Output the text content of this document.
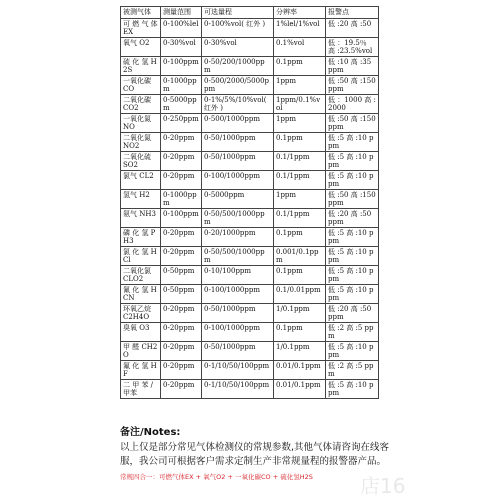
被测气体	测量范围	可选量程	分辨率	报警点
可 燃 气 体 EX	0-100%lel	0-100%vol( 红外 )	1%lel/1%vol	低 :20 高 :50
氧气 O2	0-30%vol	0-30%vol	0.1%vol	低 ：19.5％ 高 :23.5%vol
硫 化 氢 H2S	0-100ppm	0-50/200/1000ppm	0.1ppm	低 :10 高 :35 ppm
一氧化碳 CO	0-1000ppm	0-500/2000/5000ppm	1ppm	低 :50 高 :150 ppm
二氧化碳 CO2	0-5000ppm	0-1%/5%/10%vol( 红外 )	1ppm/0.1%vol	低 ：1000 高 :2000
一氧化氮 NO	0-250ppm	0-500/1000ppm	1ppm	低 :50 高 :150 ppm
二氧化氮 NO2	0-20ppm	0-50/1000ppm	0.1ppm	低 :5 高 :10 ppm
二氧化硫 SO2	0-20ppm	0-50/1000ppm	0.1/1ppm	低 :5 高 :10 ppm
氯气 CL2	0-20ppm	0-100/1000ppm	0.1/1ppm	低 :5 高 :10 ppm
氢气 H2	0-1000ppm	0-5000ppm	1ppm	低 :50 高 :150 ppm
氨气 NH3	0-100ppm	0-50/500/1000ppm	0.1/1ppm	低 :20 高 :50 ppm
磷 化 氢 PH3	0-20ppm	0-20/1000ppm	0.1ppm	低 :5 高 :10 ppm
氯 化 氢 HCl	0-20ppm	0-50/500/1000ppm	0.001/0.1ppm	低 :5 高 :10 ppm
二氧化氯 CLO2	0-50ppm	0-10/100ppm	0.1ppm	低 :5 高 :10 ppm
氰 化 氢 HCN	0-50ppm	0-100/1000ppm	0.1/0.01ppm	低 :5 高 :10 ppm
环氧乙烷 C2H4O	0-20ppm	0-50/1000ppm	1/0.1ppm	低 :20 高 :50 ppm
臭氧 O3	0-20ppm	0-100/1000ppm	0.1ppm	低 :2 高 :5 ppm
甲 醛 CH2O	0-20ppm	0-50/1000ppm	1/0.1ppm	低 :5 高 :10 ppm
氟 化 氢 HF	0-20ppm	0-1/10/50/100ppm	0.01/0.1ppm	低 :2 高 :5 ppm
二 甲 苯 / 甲苯	0-20ppm	0-1/10/50/100ppm	0.01/0.1ppm	低 :5 高 :10 ppm

备注/Notes:

以上仅是部分常见气体检测仪的常规参数,其他气体请咨询在线客服，我公司可根据客户需求定制生产非常规量程的报警器产品。

常规四合一：可燃气体EX + 氧气O2 + 一氧化碳CO + 硫化氢H2S	店16
